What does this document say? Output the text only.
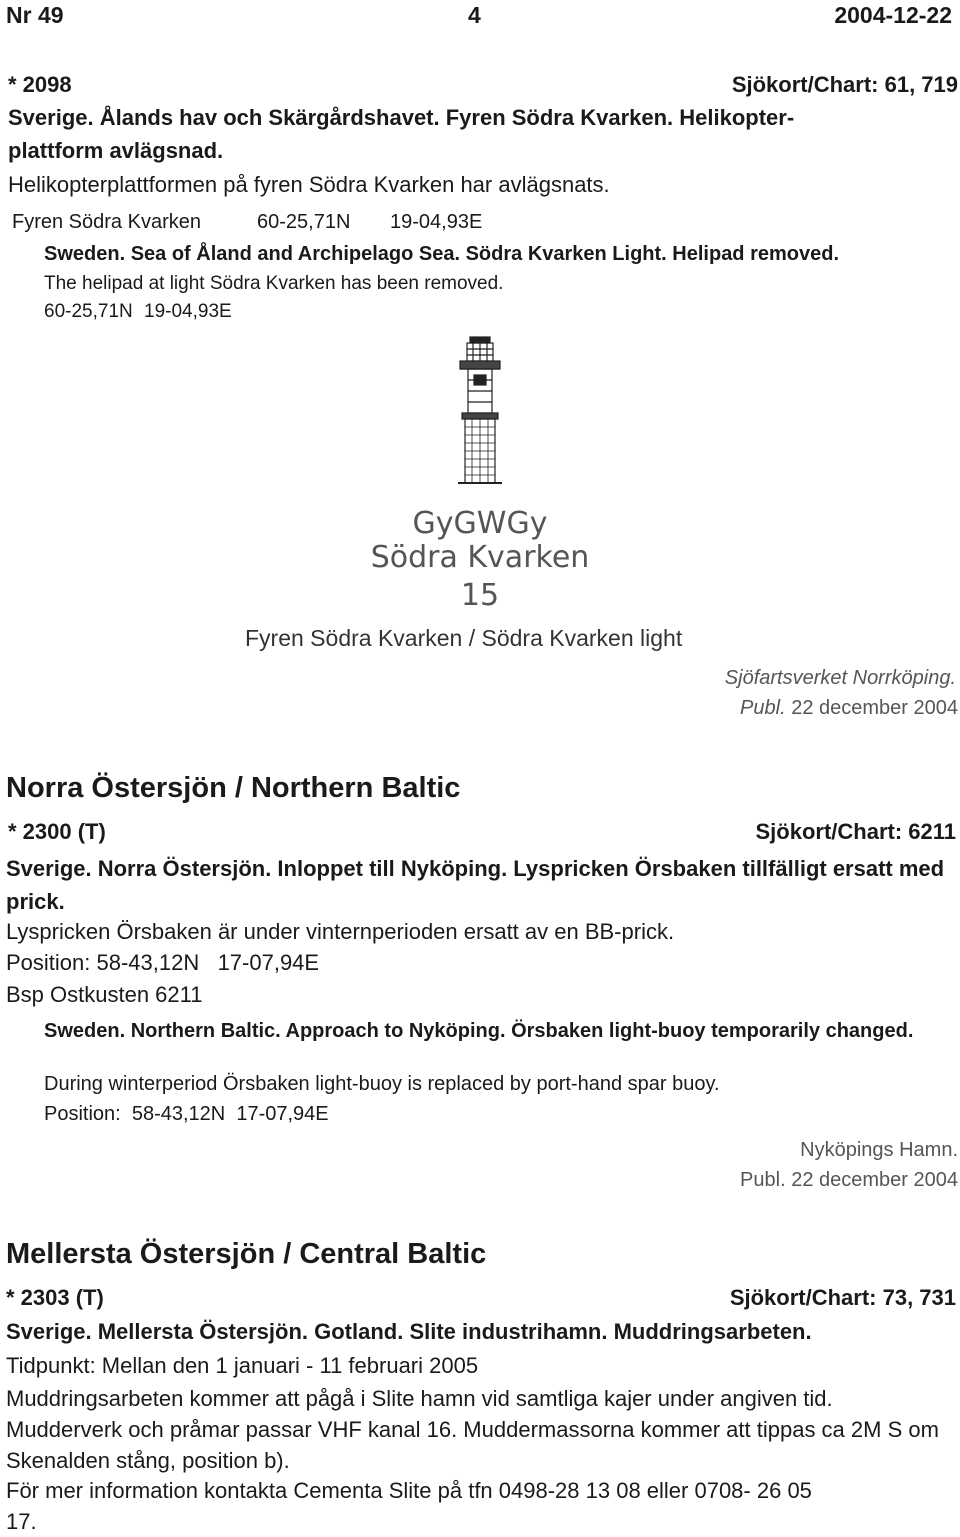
Nr 49	4	2004-12-22
* 2098	Sjökort/Chart: 61, 719
Sverige. Ålands hav och Skärgårdshavet. Fyren Södra Kvarken. Helikopter-
plattform avlägsnad.
Helikopterplattformen på fyren Södra Kvarken har avlägsnats.
Fyren Södra Kvarken	60-25,71N 19-04,93E
Sweden. Sea of Åland and Archipelago Sea. Södra Kvarken Light. Helipad removed.
The helipad at light Södra Kvarken has been removed.
60-25,71N 19-04,93E
GyGWGy
Södra Kvarken
15
Fyren Södra Kvarken / Södra Kvarken light
Sjöfartsverket Norrköping.
Publ. 22 december 2004
Norra Östersjön / Northern Baltic
* 2300 (T)	Sjökort/Chart: 6211
Sverige. Norra Östersjön. Inloppet till Nyköping. Lyspricken Örsbaken tillfälligt ersatt med prick.
Lyspricken Örsbaken är under vinternperioden ersatt av en BB-prick.
Position: 58-43,12N   17-07,94E
Bsp Ostkusten 6211
Sweden. Northern Baltic. Approach to Nyköping. Örsbaken light-buoy temporarily changed.
During winterperiod Örsbaken light-buoy is replaced by port-hand spar buoy.
Position:  58-43,12N  17-07,94E
Nyköpings Hamn.
Publ. 22 december 2004
Mellersta Östersjön / Central Baltic
* 2303 (T)	Sjökort/Chart: 73, 731
Sverige. Mellersta Östersjön. Gotland. Slite industrihamn. Muddringsarbeten.
Tidpunkt: Mellan den 1 januari - 11 februari 2005
Muddringsarbeten kommer att pågå i Slite hamn vid samtliga kajer under angiven tid. Mudderverk och pråmar passar VHF kanal 16. Muddermassorna kommer att tippas ca 2M S om Skenalden stång, position b).
För mer information kontakta Cementa Slite på tfn 0498-28 13 08 eller 0708- 26 05 17.
